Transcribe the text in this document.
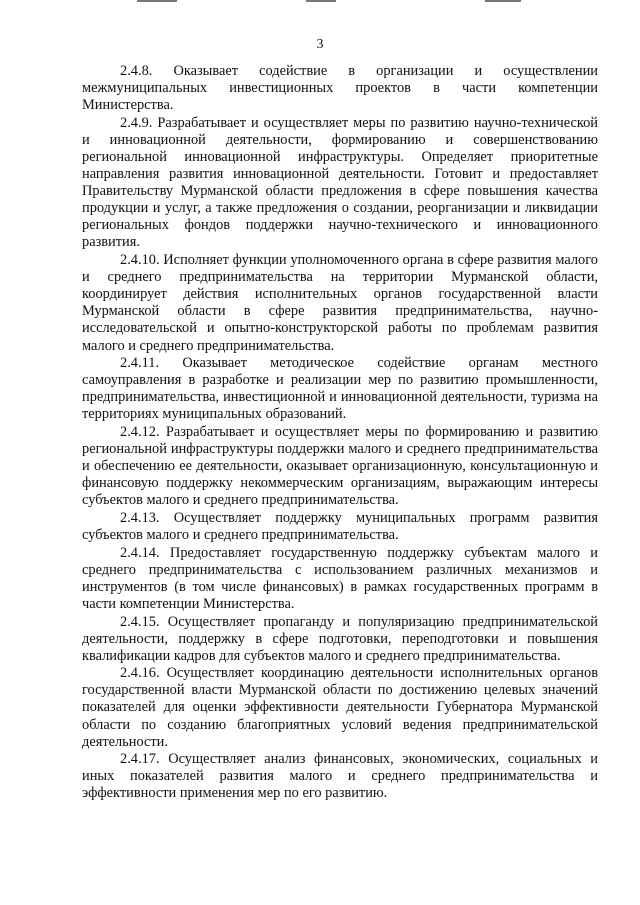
3

2.4.8. Оказывает содействие в организации и осуществлении межмуниципальных инвестиционных проектов в части компетенции Министерства.

2.4.9. Разрабатывает и осуществляет меры по развитию научно-технической и инновационной деятельности, формированию и совершенствованию региональной инновационной инфраструктуры. Определяет приоритетные направления развития инновационной деятельности. Готовит и предоставляет Правительству Мурманской области предложения в сфере повышения качества продукции и услуг, а также предложения о создании, реорганизации и ликвидации региональных фондов поддержки научно-технического и инновационного развития.

2.4.10. Исполняет функции уполномоченного органа в сфере развития малого и среднего предпринимательства на территории Мурманской области, координирует действия исполнительных органов государственной власти Мурманской области в сфере развития предпринимательства, научно-исследовательской и опытно-конструкторской работы по проблемам развития малого и среднего предпринимательства.

2.4.11. Оказывает методическое содействие органам местного самоуправления в разработке и реализации мер по развитию промышленности, предпринимательства, инвестиционной и инновационной деятельности, туризма на территориях муниципальных образований.

2.4.12. Разрабатывает и осуществляет меры по формированию и развитию региональной инфраструктуры поддержки малого и среднего предпринимательства и обеспечению ее деятельности, оказывает организационную, консультационную и финансовую поддержку некоммерческим организациям, выражающим интересы субъектов малого и среднего предпринимательства.

2.4.13. Осуществляет поддержку муниципальных программ развития субъектов малого и среднего предпринимательства.

2.4.14. Предоставляет государственную поддержку субъектам малого и среднего предпринимательства с использованием различных механизмов и инструментов (в том числе финансовых) в рамках государственных программ в части компетенции Министерства.

2.4.15. Осуществляет пропаганду и популяризацию предпринимательской деятельности, поддержку в сфере подготовки, переподготовки и повышения квалификации кадров для субъектов малого и среднего предпринимательства.

2.4.16. Осуществляет координацию деятельности исполнительных органов государственной власти Мурманской области по достижению целевых значений показателей для оценки эффективности деятельности Губернатора Мурманской области по созданию благоприятных условий ведения предпринимательской деятельности.

2.4.17. Осуществляет анализ финансовых, экономических, социальных и иных показателей развития малого и среднего предпринимательства и эффективности применения мер по его развитию.
